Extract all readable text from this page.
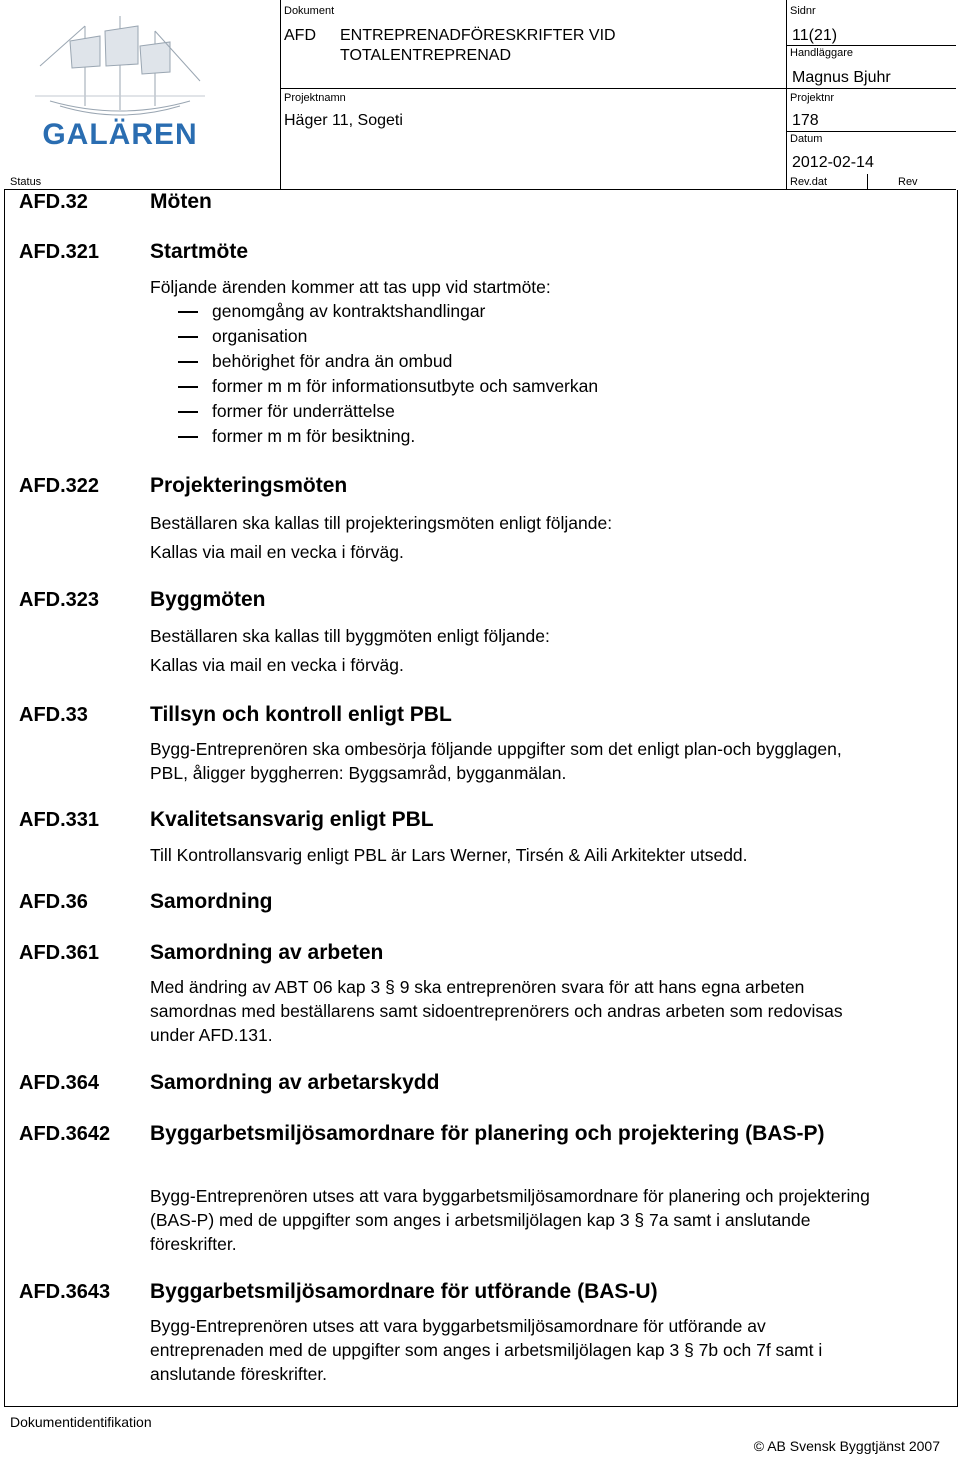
GALÄREN
Dokument
AFD ENTREPRENADFÖRESKRIFTER VID
TOTALENTREPRENAD
Projektnamn
Häger 11, Sogeti
Sidnr
11(21)
Handläggare
Magnus Bjuhr
Projektnr
178
Datum
2012-02-14
Status	Rev.dat	Rev
AFD.32	Möten
AFD.321 Startmöte
Följande ärenden kommer att tas upp vid startmöte:
genomgång av kontraktshandlingar
organisation
behörighet för andra än ombud
former m m för informationsutbyte och samverkan
former för underrättelse
former m m för besiktning.
AFD.322 Projekteringsmöten
Beställaren ska kallas till projekteringsmöten enligt följande:
Kallas via mail en vecka i förväg.
AFD.323 Byggmöten
Beställaren ska kallas till byggmöten enligt följande:
Kallas via mail en vecka i förväg.
AFD.33	Tillsyn och kontroll enligt PBL
Bygg-Entreprenören ska ombesörja följande uppgifter som det enligt plan-och bygglagen, PBL, åligger byggherren: Byggsamråd, bygganmälan.
AFD.331 Kvalitetsansvarig enligt PBL
Till Kontrollansvarig enligt PBL är Lars Werner, Tirsén & Aili Arkitekter utsedd.
AFD.36	Samordning
AFD.361 Samordning av arbeten
Med ändring av ABT 06 kap 3 § 9 ska entreprenören svara för att hans egna arbeten samordnas med beställarens samt sidoentreprenörers och andras arbeten som redovisas under AFD.131.
AFD.364 Samordning av arbetarskydd
AFD.3642 Byggarbetsmiljösamordnare för planering och projektering (BAS-P)
Bygg-Entreprenören utses att vara byggarbetsmiljösamordnare för planering och projektering (BAS-P) med de uppgifter som anges i arbetsmiljölagen kap 3 § 7a samt i anslutande föreskrifter.
AFD.3643 Byggarbetsmiljösamordnare för utförande (BAS-U)
Bygg-Entreprenören utses att vara byggarbetsmiljösamordnare för utförande av entreprenaden med de uppgifter som anges i arbetsmiljölagen kap 3 § 7b och 7f samt i anslutande föreskrifter.
Dokumentidentifikation
© AB Svensk Byggtjänst 2007
